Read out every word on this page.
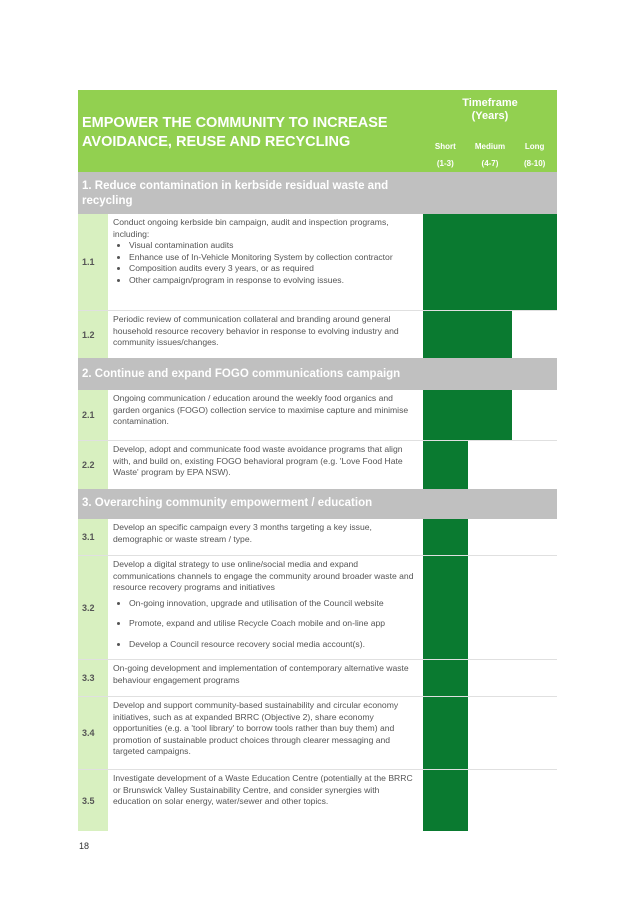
EMPOWER THE COMMUNITY TO INCREASE
AVOIDANCE, REUSE AND RECYCLING
Timeframe
(Years)
Short
(1-3)
Medium
(4-7)
Long
(8-10)
1. Reduce contamination in kerbside residual waste and
recycling
1.1
Conduct ongoing kerbside bin campaign, audit and inspection programs, including:
• Visual contamination audits
• Enhance use of In-Vehicle Monitoring System by collection contractor
• Composition audits every 3 years, or as required
• Other campaign/program in response to evolving issues.
1.2
Periodic review of communication collateral and branding around general household resource recovery behavior in response to evolving industry and community issues/changes.
2. Continue and expand FOGO communications campaign
2.1
Ongoing communication / education around the weekly food organics and garden organics (FOGO) collection service to maximise capture and minimise contamination.
2.2
Develop, adopt and communicate food waste avoidance programs that align with, and build on, existing FOGO behavioral program (e.g. 'Love Food Hate Waste' program by EPA NSW).
3. Overarching community empowerment / education
3.1
Develop an specific campaign every 3 months targeting a key issue, demographic or waste stream / type.
3.2
Develop a digital strategy to use online/social media and expand communications channels to engage the community around broader waste and resource recovery programs and initiatives
• On-going innovation, upgrade and utilisation of the Council website
• Promote, expand and utilise Recycle Coach mobile and on-line app
• Develop a Council resource recovery social media account(s).
3.3
On-going development and implementation of contemporary alternative waste behaviour engagement programs
3.4
Develop and support community-based sustainability and circular economy initiatives, such as at expanded BRRC (Objective 2), share economy opportunities (e.g. a 'tool library' to borrow tools rather than buy them) and promotion of sustainable product choices through clearer messaging and targeted campaigns.
3.5
Investigate development of a Waste Education Centre (potentially at the BRRC or Brunswick Valley Sustainability Centre, and consider synergies with education on solar energy, water/sewer and other topics.
18
